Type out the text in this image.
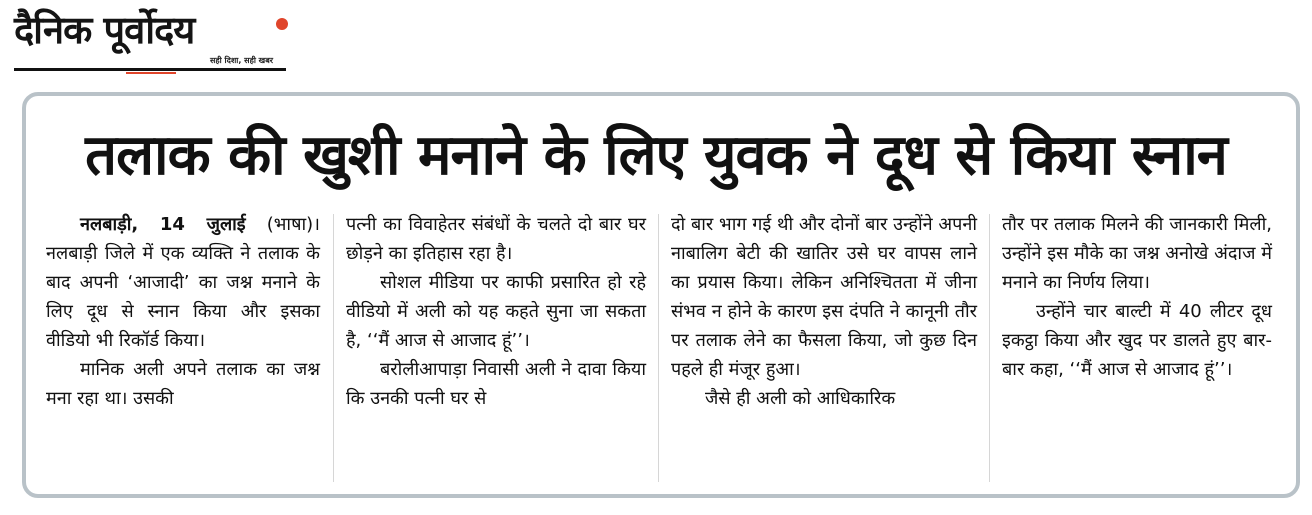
दैनिक पूर्वोदय
सही दिशा, सही खबर
तलाक की खुशी मनाने के लिए युवक ने दूध से किया स्नान

नलबाड़ी, 14 जुलाई (भाषा)। नलबाड़ी जिले में एक व्यक्ति ने तलाक के बाद अपनी ‘आजादी’ का जश्न मनाने के लिए दूध से स्नान किया और इसका वीडियो भी रिकॉर्ड किया।

मानिक अली अपने तलाक का जश्न मना रहा था। उसकी

पत्नी का विवाहेतर संबंधों के चलते दो बार घर छोड़ने का इतिहास रहा है।

सोशल मीडिया पर काफी प्रसारित हो रहे वीडियो में अली को यह कहते सुना जा सकता है, ‘‘मैं आज से आजाद हूं’’।

बरोलीआपाड़ा निवासी अली ने दावा किया कि उनकी पत्नी घर से

दो बार भाग गई थी और दोनों बार उन्होंने अपनी नाबालिग बेटी की खातिर उसे घर वापस लाने का प्रयास किया। लेकिन अनिश्चितता में जीना संभव न होने के कारण इस दंपति ने कानूनी तौर पर तलाक लेने का फैसला किया, जो कुछ दिन पहले ही मंजूर हुआ।

जैसे ही अली को आधिकारिक

तौर पर तलाक मिलने की जानकारी मिली, उन्होंने इस मौके का जश्न अनोखे अंदाज में मनाने का निर्णय लिया।

उन्होंने चार बाल्टी में 40 लीटर दूध इकट्ठा किया और खुद पर डालते हुए बार-बार कहा, ‘‘मैं आज से आजाद हूं’’।
